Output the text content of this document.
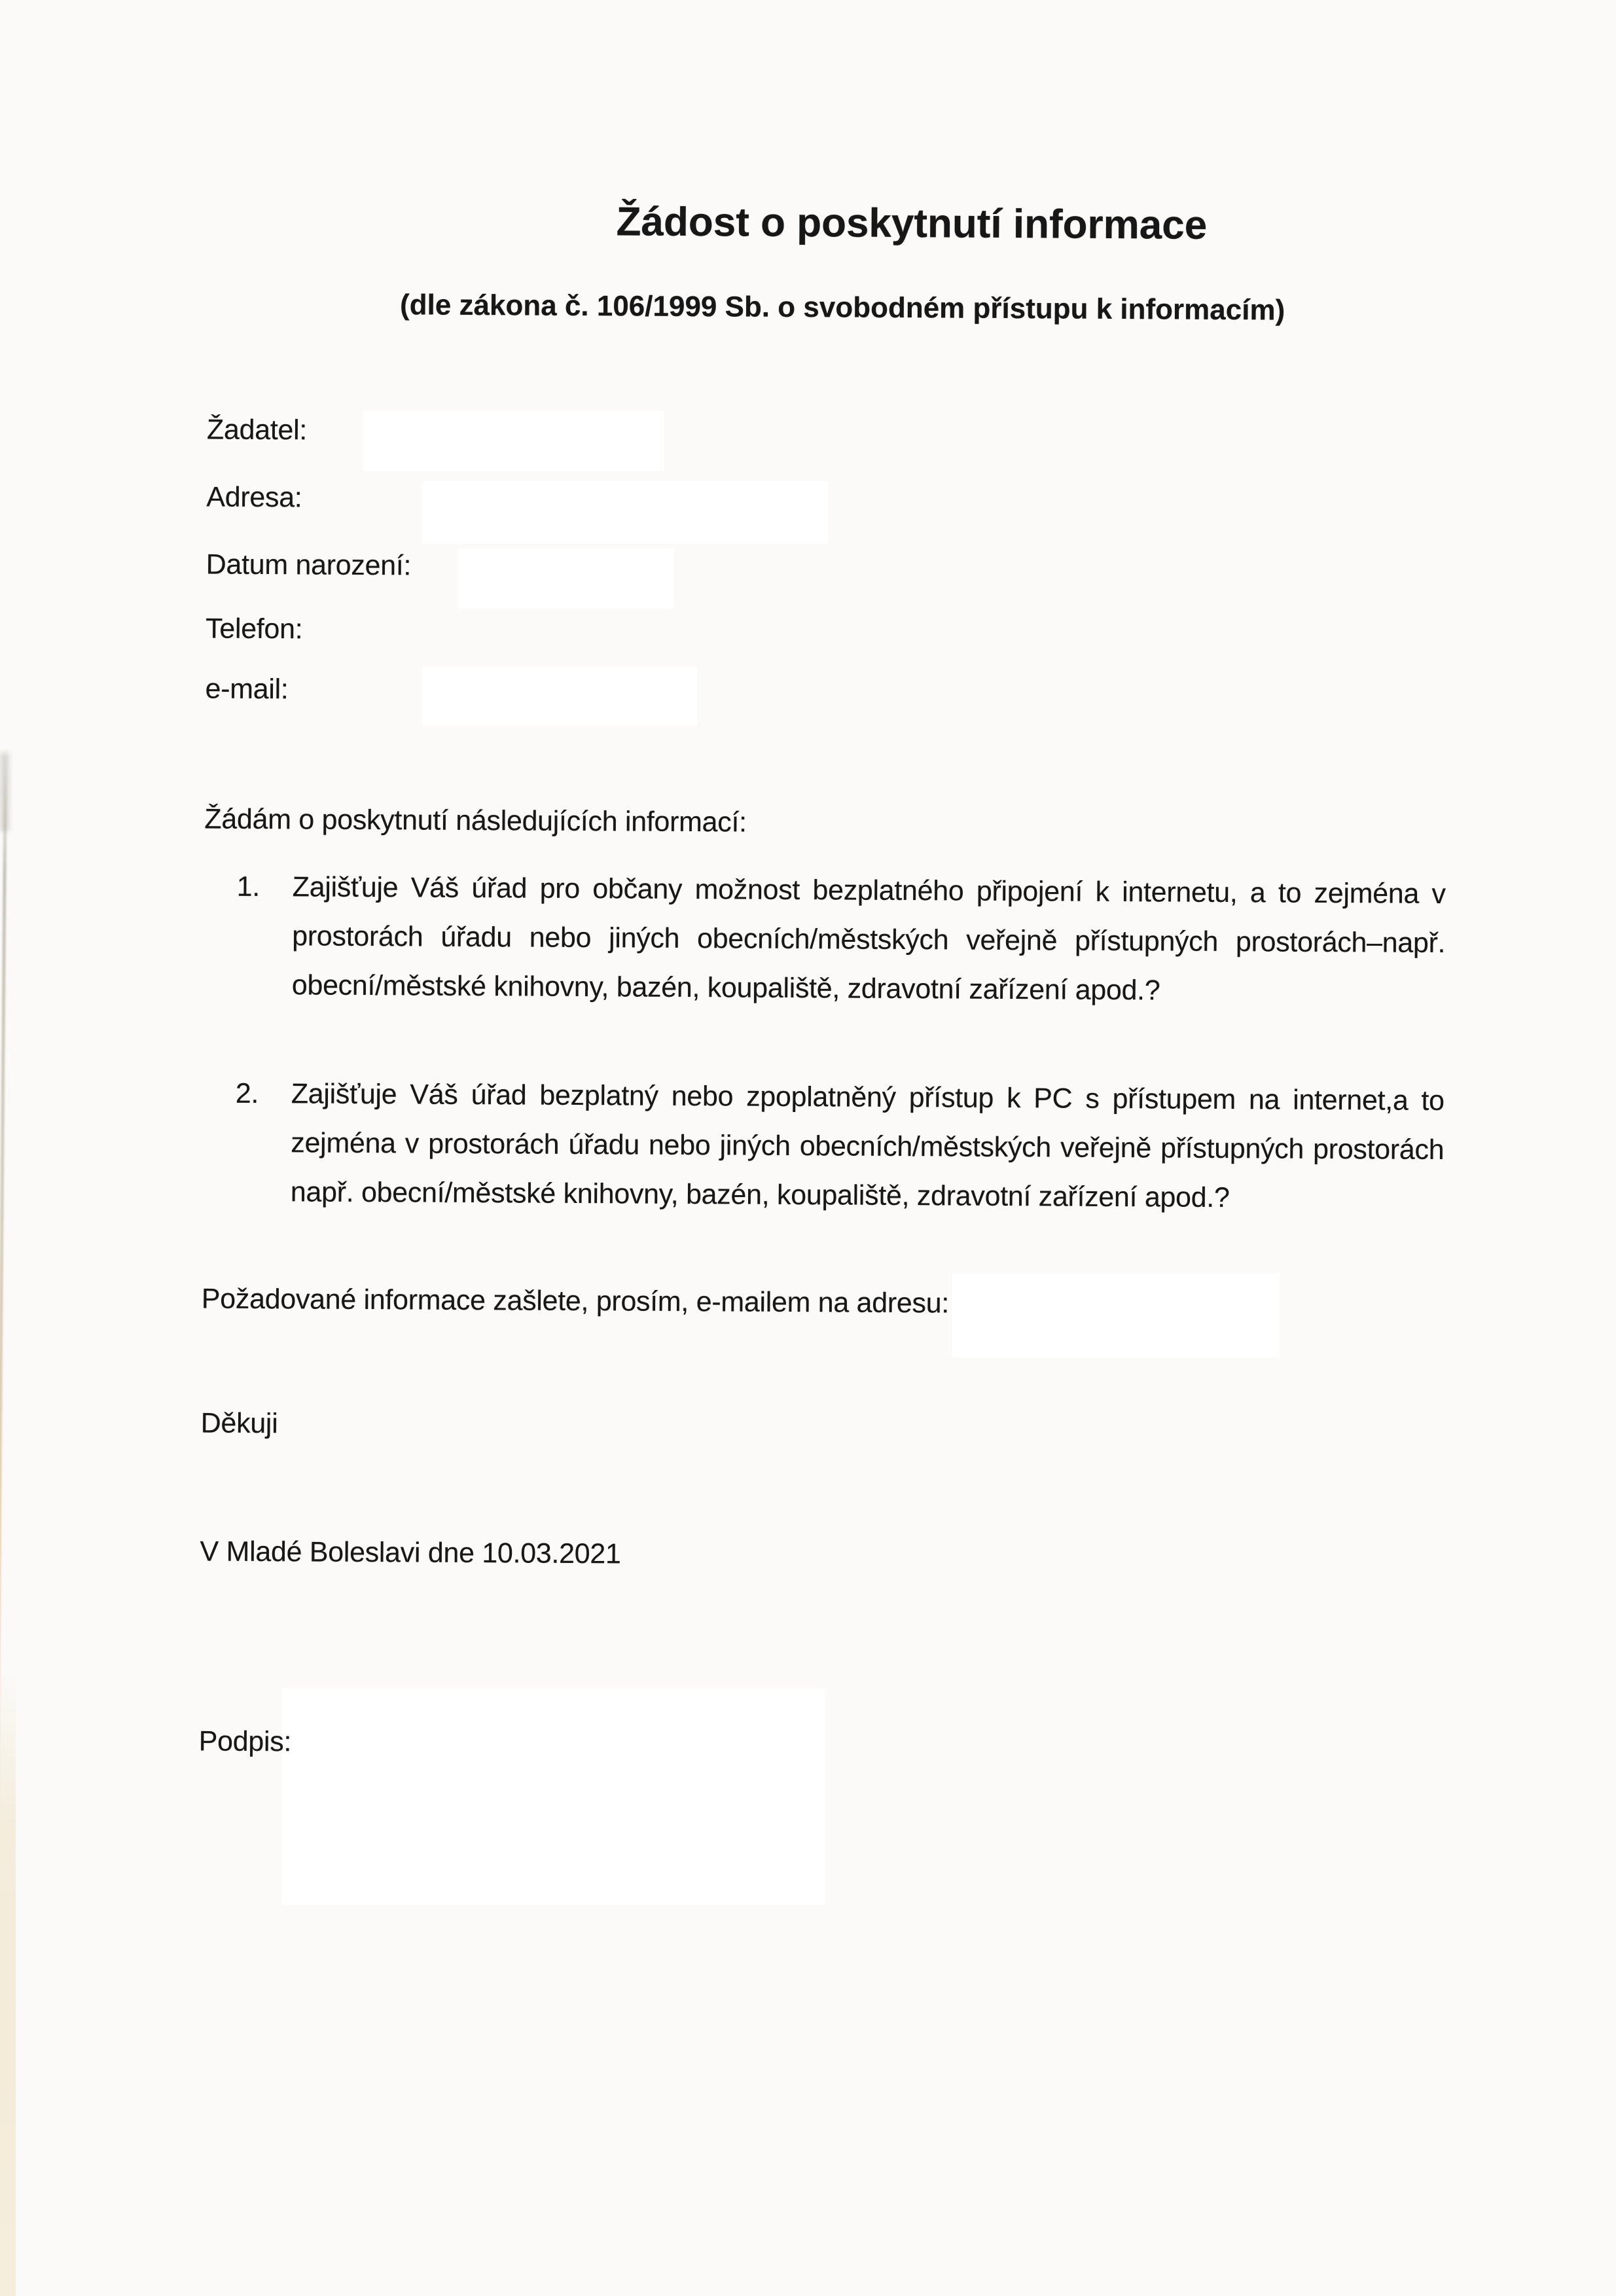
Žádost o poskytnutí informace
(dle zákona č. 106/1999 Sb. o svobodném přístupu k informacím)
Žadatel:
Adresa:
Datum narození:
Telefon:
e-mail:
Žádám o poskytnutí následujících informací:
1. Zajišťuje Váš úřad pro občany možnost bezplatného připojení k internetu, a to zejména v prostorách úřadu nebo jiných obecních/městských veřejně přístupných prostorách–např. obecní/městské knihovny, bazén, koupaliště, zdravotní zařízení apod.?
2. Zajišťuje Váš úřad bezplatný nebo zpoplatněný přístup k PC s přístupem na internet,a to zejména v prostorách úřadu nebo jiných obecních/městských veřejně přístupných prostorách např. obecní/městské knihovny, bazén, koupaliště, zdravotní zařízení apod.?
Požadované informace zašlete, prosím, e-mailem na adresu:
Děkuji
V Mladé Boleslavi dne 10.03.2021
Podpis:
